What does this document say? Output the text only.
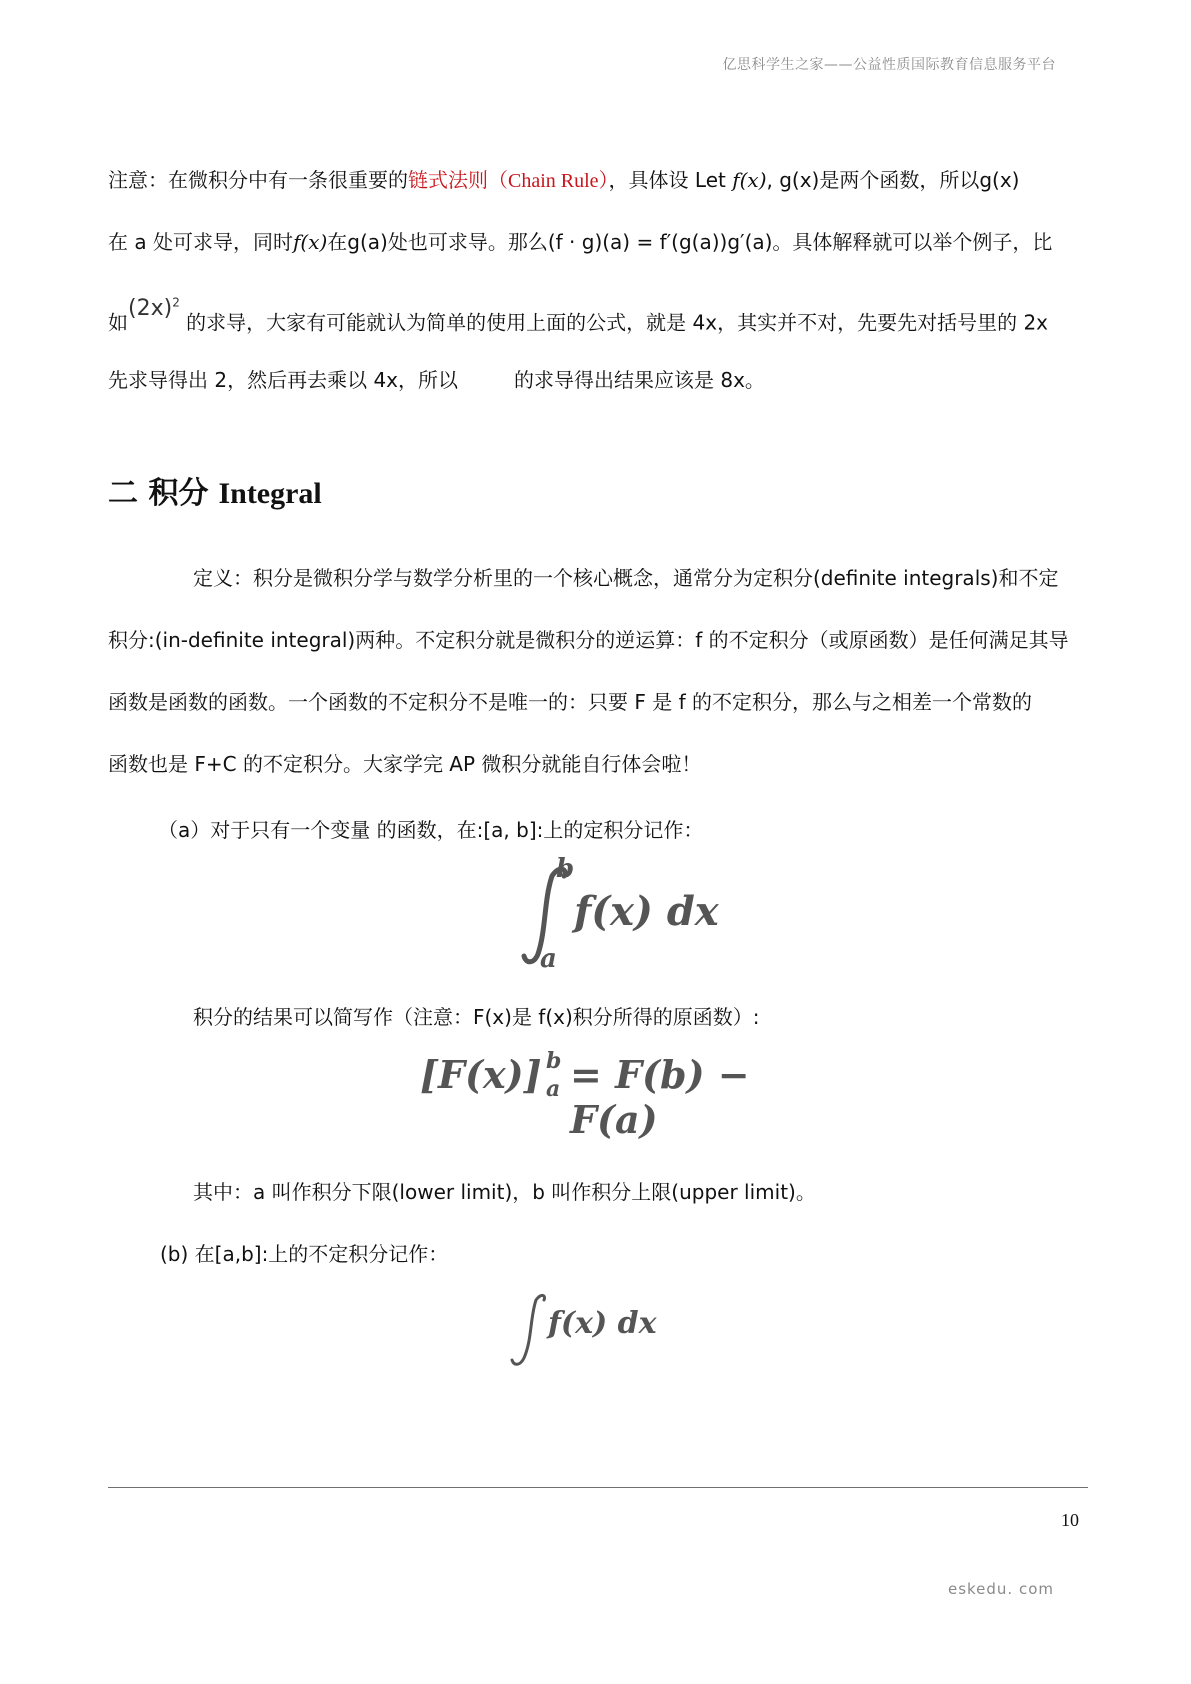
亿思科学生之家——公益性质国际教育信息服务平台
注意：在微积分中有一条很重要的链式法则（Chain Rule），具体设 Let f(x), g(x)是两个函数，所以g(x)
在 a 处可求导，同时f(x)在g(a)处也可求导。那么(f · g)(a) = f′(g(a))g′(a)。具体解释就可以举个例子，比
如$(2x)^2$ 的求导，大家有可能就认为简单的使用上面的公式，就是 4x，其实并不对，先要先对括号里的 2x
先求导得出 2，然后再去乘以 4x，所以	的求导得出结果应该是 8x。
二 积分 Integral
定义：积分是微积分学与数学分析里的一个核心概念，通常分为定积分(definite integrals)和不定
积分:(in-definite integral)两种。不定积分就是微积分的逆运算：f 的不定积分（或原函数）是任何满足其导
函数是函数的函数。一个函数的不定积分不是唯一的：只要 F 是 f 的不定积分，那么与之相差一个常数的
函数也是 F+C 的不定积分。大家学完 AP 微积分就能自行体会啦！
（a）对于只有一个变量 的函数，在:[a, b]:上的定积分记作：
b
a
f(x) dx
积分的结果可以简写作（注意：F(x)是 f(x)积分所得的原函数）:
[F(x)] b
a = F(b) − F(a)
其中：a 叫作积分下限(lower limit)，b 叫作积分上限(upper limit)。
(b) 在[a,b]:上的不定积分记作：
f(x) dx
10
eskedu. com
